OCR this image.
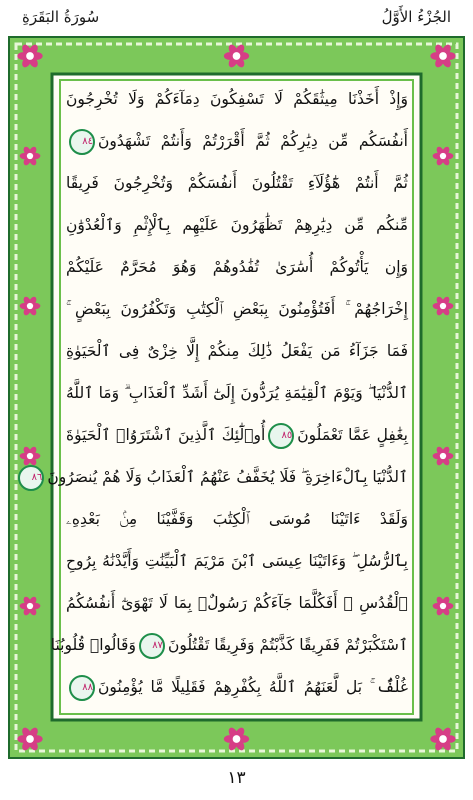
الجُزْءُ الأَوَّلُ
سُورَةُ البَقَرَةِ
وَإِذْ أَخَذْنَا مِيثَٰقَكُمْ لَا تَسْفِكُونَ دِمَآءَكُمْ وَلَا تُخْرِجُونَ
أَنفُسَكُم مِّن دِيَٰرِكُمْ ثُمَّ أَقْرَرْتُمْ وَأَنتُمْ تَشْهَدُونَ٨٤
ثُمَّ أَنتُمْ هَٰٓؤُلَآءِ تَقْتُلُونَ أَنفُسَكُمْ وَتُخْرِجُونَ فَرِيقًا
مِّنكُم مِّن دِيَٰرِهِمْ تَظَٰهَرُونَ عَلَيْهِم بِٱلْإِثْمِ وَٱلْعُدْوَٰنِ
وَإِن يَأْتُوكُمْ أُسَٰرَىٰ تُفَٰدُوهُمْ وَهُوَ مُحَرَّمٌ عَلَيْكُمْ
إِخْرَاجُهُمْ ۚ أَفَتُؤْمِنُونَ بِبَعْضِ ٱلْكِتَٰبِ وَتَكْفُرُونَ بِبَعْضٍ ۚ
فَمَا جَزَآءُ مَن يَفْعَلُ ذَٰلِكَ مِنكُمْ إِلَّا خِزْىٌ فِى ٱلْحَيَوٰةِ
ٱلدُّنْيَا ۖ وَيَوْمَ ٱلْقِيَٰمَةِ يُرَدُّونَ إِلَىٰٓ أَشَدِّ ٱلْعَذَابِ ۗ وَمَا ٱللَّهُ
بِغَٰفِلٍ عَمَّا تَعْمَلُونَ٨٥أُو۟لَٰٓئِكَ ٱلَّذِينَ ٱشْتَرَوُا۟ ٱلْحَيَوٰةَ
ٱلدُّنْيَا بِٱلْءَاخِرَةِ ۖ فَلَا يُخَفَّفُ عَنْهُمُ ٱلْعَذَابُ وَلَا هُمْ يُنصَرُونَ٨٦
وَلَقَدْ ءَاتَيْنَا مُوسَى ٱلْكِتَٰبَ وَقَفَّيْنَا مِنۢ بَعْدِهِۦ
بِٱلرُّسُلِ ۖ وَءَاتَيْنَا عِيسَى ٱبْنَ مَرْيَمَ ٱلْبَيِّنَٰتِ وَأَيَّدْنَٰهُ بِرُوحِ
ٱلْقُدُسِ ۗ أَفَكُلَّمَا جَآءَكُمْ رَسُولٌۢ بِمَا لَا تَهْوَىٰٓ أَنفُسُكُمُ
ٱسْتَكْبَرْتُمْ فَفَرِيقًا كَذَّبْتُمْ وَفَرِيقًا تَقْتُلُونَ٨٧وَقَالُوا۟ قُلُوبُنَا
غُلْفٌۢ ۚ بَل لَّعَنَهُمُ ٱللَّهُ بِكُفْرِهِمْ فَقَلِيلًا مَّا يُؤْمِنُونَ٨٨
١٣
